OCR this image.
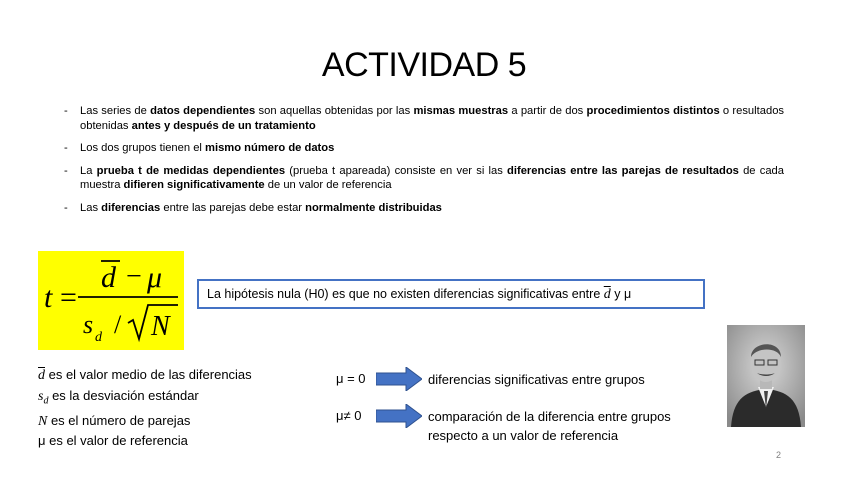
ACTIVIDAD 5
- Las series de datos dependientes son aquellas obtenidas por las mismas muestras a partir de dos procedimientos distintos o resultados obtenidas antes y después de un tratamiento
- Los dos grupos tienen el mismo número de datos
- La prueba t de medidas dependientes (prueba t apareada) consiste en ver si las diferencias entre las parejas de resultados de cada muestra difieren significativamente de un valor de referencia
- Las diferencias entre las parejas debe estar normalmente distribuidas
t =
d − μ
s d / N
La hipótesis nula (H0) es que no existen diferencias significativas entre $\overline{d}$ y μ
$\overline{d}$ es el valor medio de las diferencias
$s_d$ es la desviación estándar
N es el número de parejas
μ es el valor de referencia
μ = 0	diferencias significativas entre grupos
μ≠ 0	comparación de la diferencia entre grupos respecto a un valor de referencia
2
